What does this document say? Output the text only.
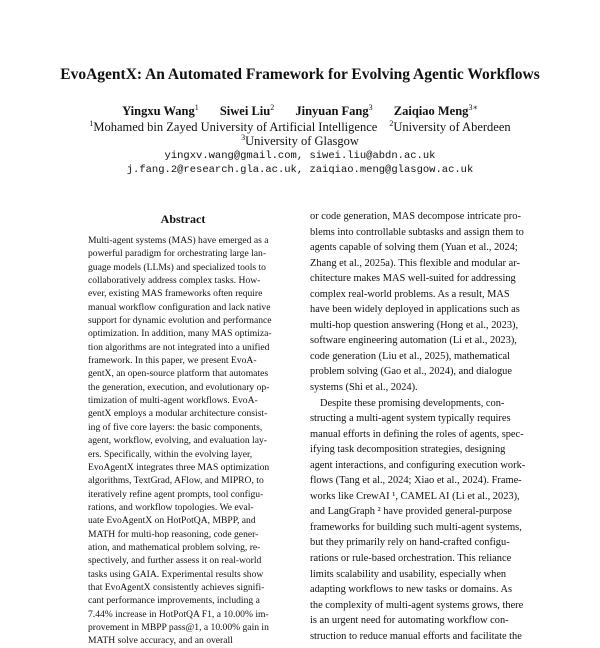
EvoAgentX: An Automated Framework for Evolving Agentic Workflows
Yingxu Wang$^1$ Siwei Liu$^2$ Jinyuan Fang$^3$ Zaiqiao Meng$^{3∗}$
$^1$Mohamed bin Zayed University of Artificial Intelligence $^2$University of Aberdeen
$^3$University of Glasgow
yingxv.wang@gmail.com, siwei.liu@abdn.ac.uk
j.fang.2@research.gla.ac.uk, zaiqiao.meng@glasgow.ac.uk
Abstract
Multi-agent systems (MAS) have emerged as a
powerful paradigm for orchestrating large lan-
guage models (LLMs) and specialized tools to
collaboratively address complex tasks. How-
ever, existing MAS frameworks often require
manual workflow configuration and lack native
support for dynamic evolution and performance
optimization. In addition, many MAS optimiza-
tion algorithms are not integrated into a unified
framework. In this paper, we present EvoA-
gentX, an open-source platform that automates
the generation, execution, and evolutionary op-
timization of multi-agent workflows. EvoA-
gentX employs a modular architecture consist-
ing of five core layers: the basic components,
agent, workflow, evolving, and evaluation lay-
ers. Specifically, within the evolving layer,
EvoAgentX integrates three MAS optimization
algorithms, TextGrad, AFlow, and MIPRO, to
iteratively refine agent prompts, tool configu-
rations, and workflow topologies. We eval-
uate EvoAgentX on HotPotQA, MBPP, and
MATH for multi-hop reasoning, code gener-
ation, and mathematical problem solving, re-
spectively, and further assess it on real-world
tasks using GAIA. Experimental results show
that EvoAgentX consistently achieves signifi-
cant performance improvements, including a
7.44% increase in HotPotQA F1, a 10.00% im-
provement in MBPP pass@1, a 10.00% gain in
MATH solve accuracy, and an overall
or code generation, MAS decompose intricate pro-
blems into controllable subtasks and assign them to
agents capable of solving them (Yuan et al., 2024;
Zhang et al., 2025a). This flexible and modular ar-
chitecture makes MAS well-suited for addressing
complex real-world problems. As a result, MAS
have been widely deployed in applications such as
multi-hop question answering (Hong et al., 2023),
software engineering automation (Li et al., 2023),
code generation (Liu et al., 2025), mathematical
problem solving (Gao et al., 2024), and dialogue
systems (Shi et al., 2024).
Despite these promising developments, con-
structing a multi-agent system typically requires
manual efforts in defining the roles of agents, spec-
ifying task decomposition strategies, designing
agent interactions, and configuring execution work-
flows (Tang et al., 2024; Xiao et al., 2024). Frame-
works like CrewAI ¹, CAMEL AI (Li et al., 2023),
and LangGraph ² have provided general-purpose
frameworks for building such multi-agent systems,
but they primarily rely on hand-crafted configu-
rations or rule-based orchestration. This reliance
limits scalability and usability, especially when
adapting workflows to new tasks or domains. As
the complexity of multi-agent systems grows, there
is an urgent need for automating workflow con-
struction to reduce manual efforts and facilitate the
